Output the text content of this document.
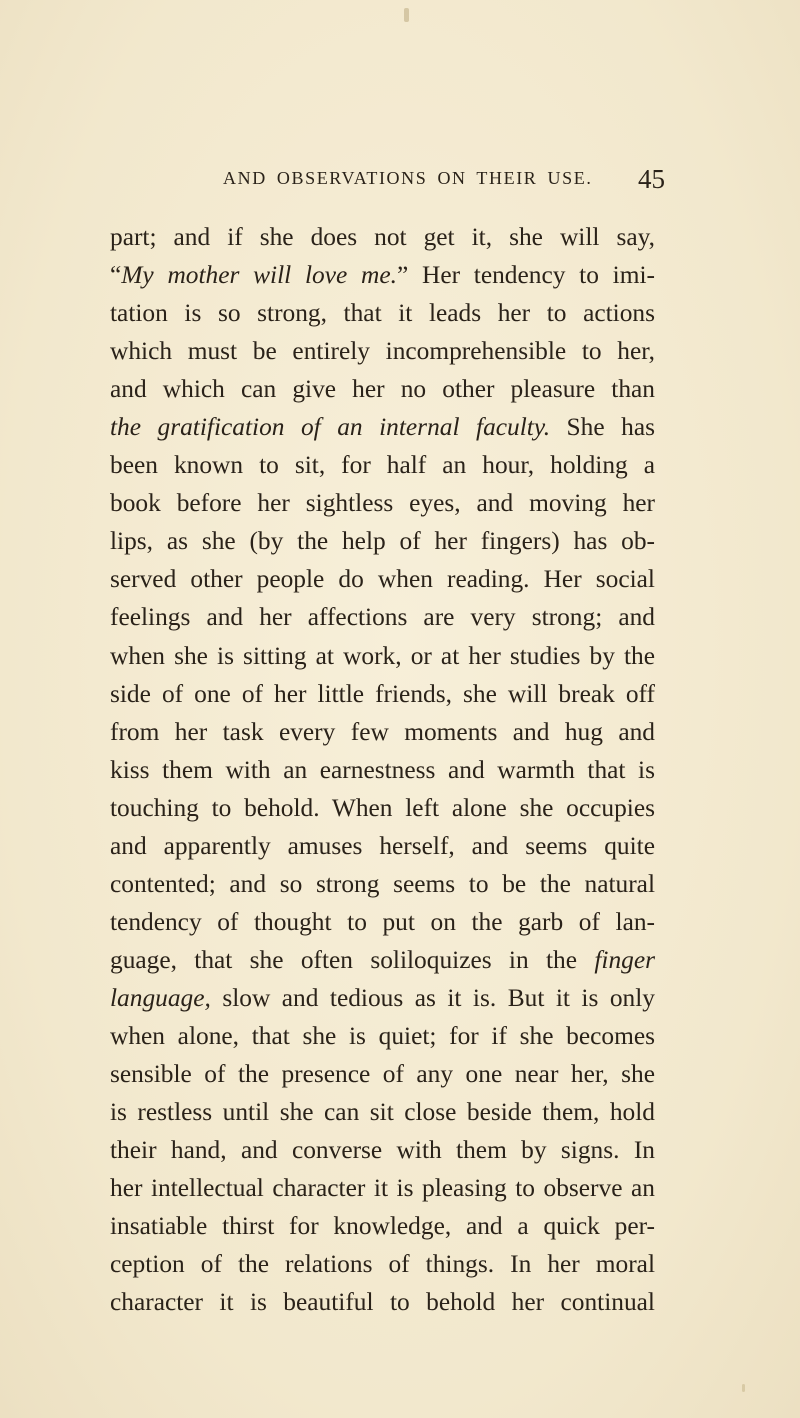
AND OBSERVATIONS ON THEIR USE. 45
part; and if she does not get it, she will say,
“My mother will love me.” Her tendency to imi-
tation is so strong, that it leads her to actions
which must be entirely incomprehensible to her,
and which can give her no other pleasure than
the gratification of an internal faculty. She has
been known to sit, for half an hour, holding a
book before her sightless eyes, and moving her
lips, as she (by the help of her fingers) has ob-
served other people do when reading. Her social
feelings and her affections are very strong; and
when she is sitting at work, or at her studies by the
side of one of her little friends, she will break off
from her task every few moments and hug and
kiss them with an earnestness and warmth that is
touching to behold. When left alone she occupies
and apparently amuses herself, and seems quite
contented; and so strong seems to be the natural
tendency of thought to put on the garb of lan-
guage, that she often soliloquizes in the finger
language, slow and tedious as it is. But it is only
when alone, that she is quiet; for if she becomes
sensible of the presence of any one near her, she
is restless until she can sit close beside them, hold
their hand, and converse with them by signs. In
her intellectual character it is pleasing to observe an
insatiable thirst for knowledge, and a quick per-
ception of the relations of things. In her moral
character it is beautiful to behold her continual
